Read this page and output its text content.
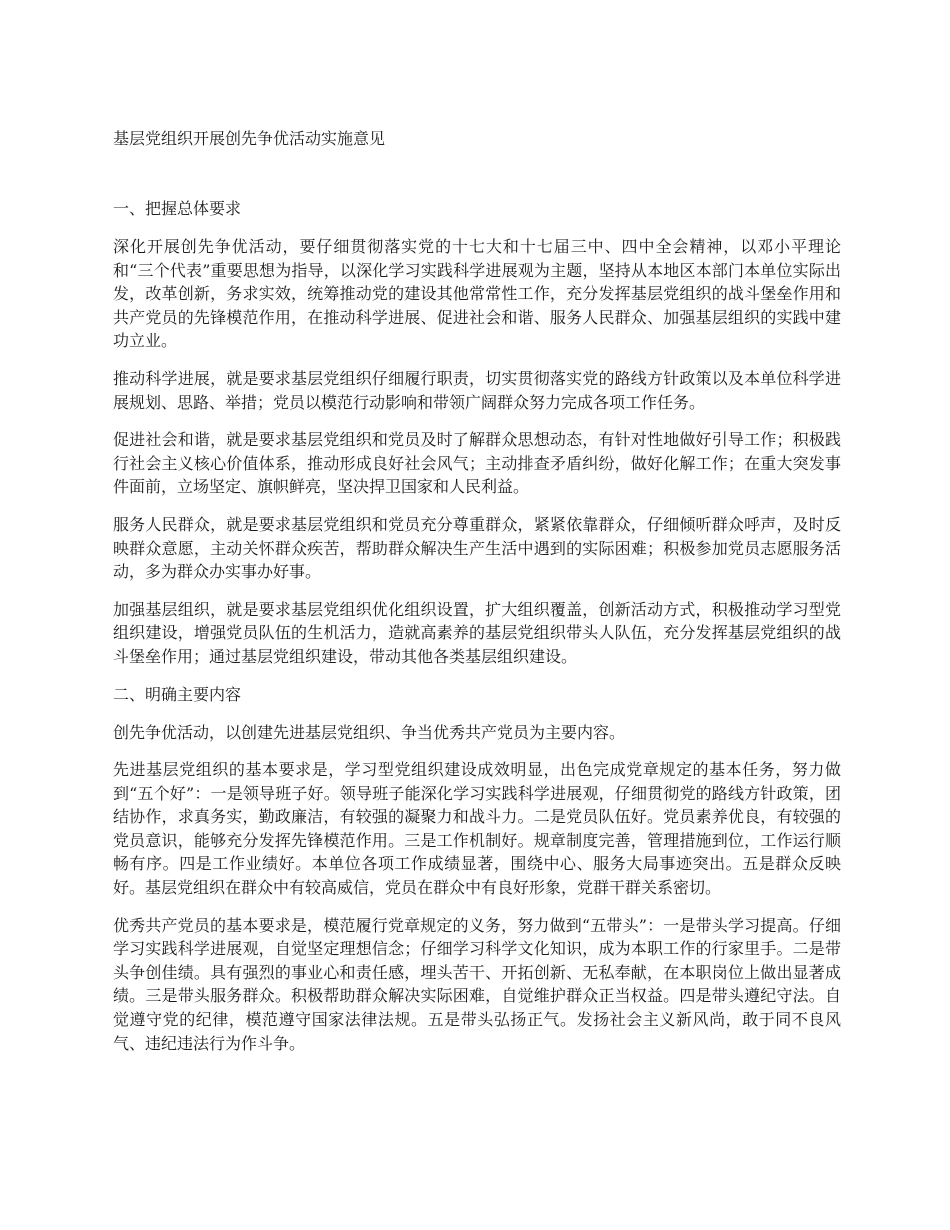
基层党组织开展创先争优活动实施意见
一、把握总体要求

深化开展创先争优活动，要仔细贯彻落实党的十七大和十七届三中、四中全会精神，以邓小平理论和“三个代表”重要思想为指导，以深化学习实践科学进展观为主题，坚持从本地区本部门本单位实际出发，改革创新，务求实效，统筹推动党的建设其他常常性工作，充分发挥基层党组织的战斗堡垒作用和共产党员的先锋模范作用，在推动科学进展、促进社会和谐、服务人民群众、加强基层组织的实践中建功立业。

推动科学进展，就是要求基层党组织仔细履行职责，切实贯彻落实党的路线方针政策以及本单位科学进展规划、思路、举措；党员以模范行动影响和带领广阔群众努力完成各项工作任务。

促进社会和谐，就是要求基层党组织和党员及时了解群众思想动态，有针对性地做好引导工作；积极践行社会主义核心价值体系，推动形成良好社会风气；主动排查矛盾纠纷，做好化解工作；在重大突发事件面前，立场坚定、旗帜鲜亮，坚决捍卫国家和人民利益。

服务人民群众，就是要求基层党组织和党员充分尊重群众，紧紧依靠群众，仔细倾听群众呼声，及时反映群众意愿，主动关怀群众疾苦，帮助群众解决生产生活中遇到的实际困难；积极参加党员志愿服务活动，多为群众办实事办好事。

加强基层组织，就是要求基层党组织优化组织设置，扩大组织覆盖，创新活动方式，积极推动学习型党组织建设，增强党员队伍的生机活力，造就高素养的基层党组织带头人队伍，充分发挥基层党组织的战斗堡垒作用；通过基层党组织建设，带动其他各类基层组织建设。

二、明确主要内容

创先争优活动，以创建先进基层党组织、争当优秀共产党员为主要内容。

先进基层党组织的基本要求是，学习型党组织建设成效明显，出色完成党章规定的基本任务，努力做到“五个好”：一是领导班子好。领导班子能深化学习实践科学进展观，仔细贯彻党的路线方针政策，团结协作，求真务实，勤政廉洁，有较强的凝聚力和战斗力。二是党员队伍好。党员素养优良，有较强的党员意识，能够充分发挥先锋模范作用。三是工作机制好。规章制度完善，管理措施到位，工作运行顺畅有序。四是工作业绩好。本单位各项工作成绩显著，围绕中心、服务大局事迹突出。五是群众反映好。基层党组织在群众中有较高威信，党员在群众中有良好形象，党群干群关系密切。

优秀共产党员的基本要求是，模范履行党章规定的义务，努力做到“五带头”：一是带头学习提高。仔细学习实践科学进展观，自觉坚定理想信念；仔细学习科学文化知识，成为本职工作的行家里手。二是带头争创佳绩。具有强烈的事业心和责任感，埋头苦干、开拓创新、无私奉献，在本职岗位上做出显著成绩。三是带头服务群众。积极帮助群众解决实际困难，自觉维护群众正当权益。四是带头遵纪守法。自觉遵守党的纪律，模范遵守国家法律法规。五是带头弘扬正气。发扬社会主义新风尚，敢于同不良风气、违纪违法行为作斗争。
